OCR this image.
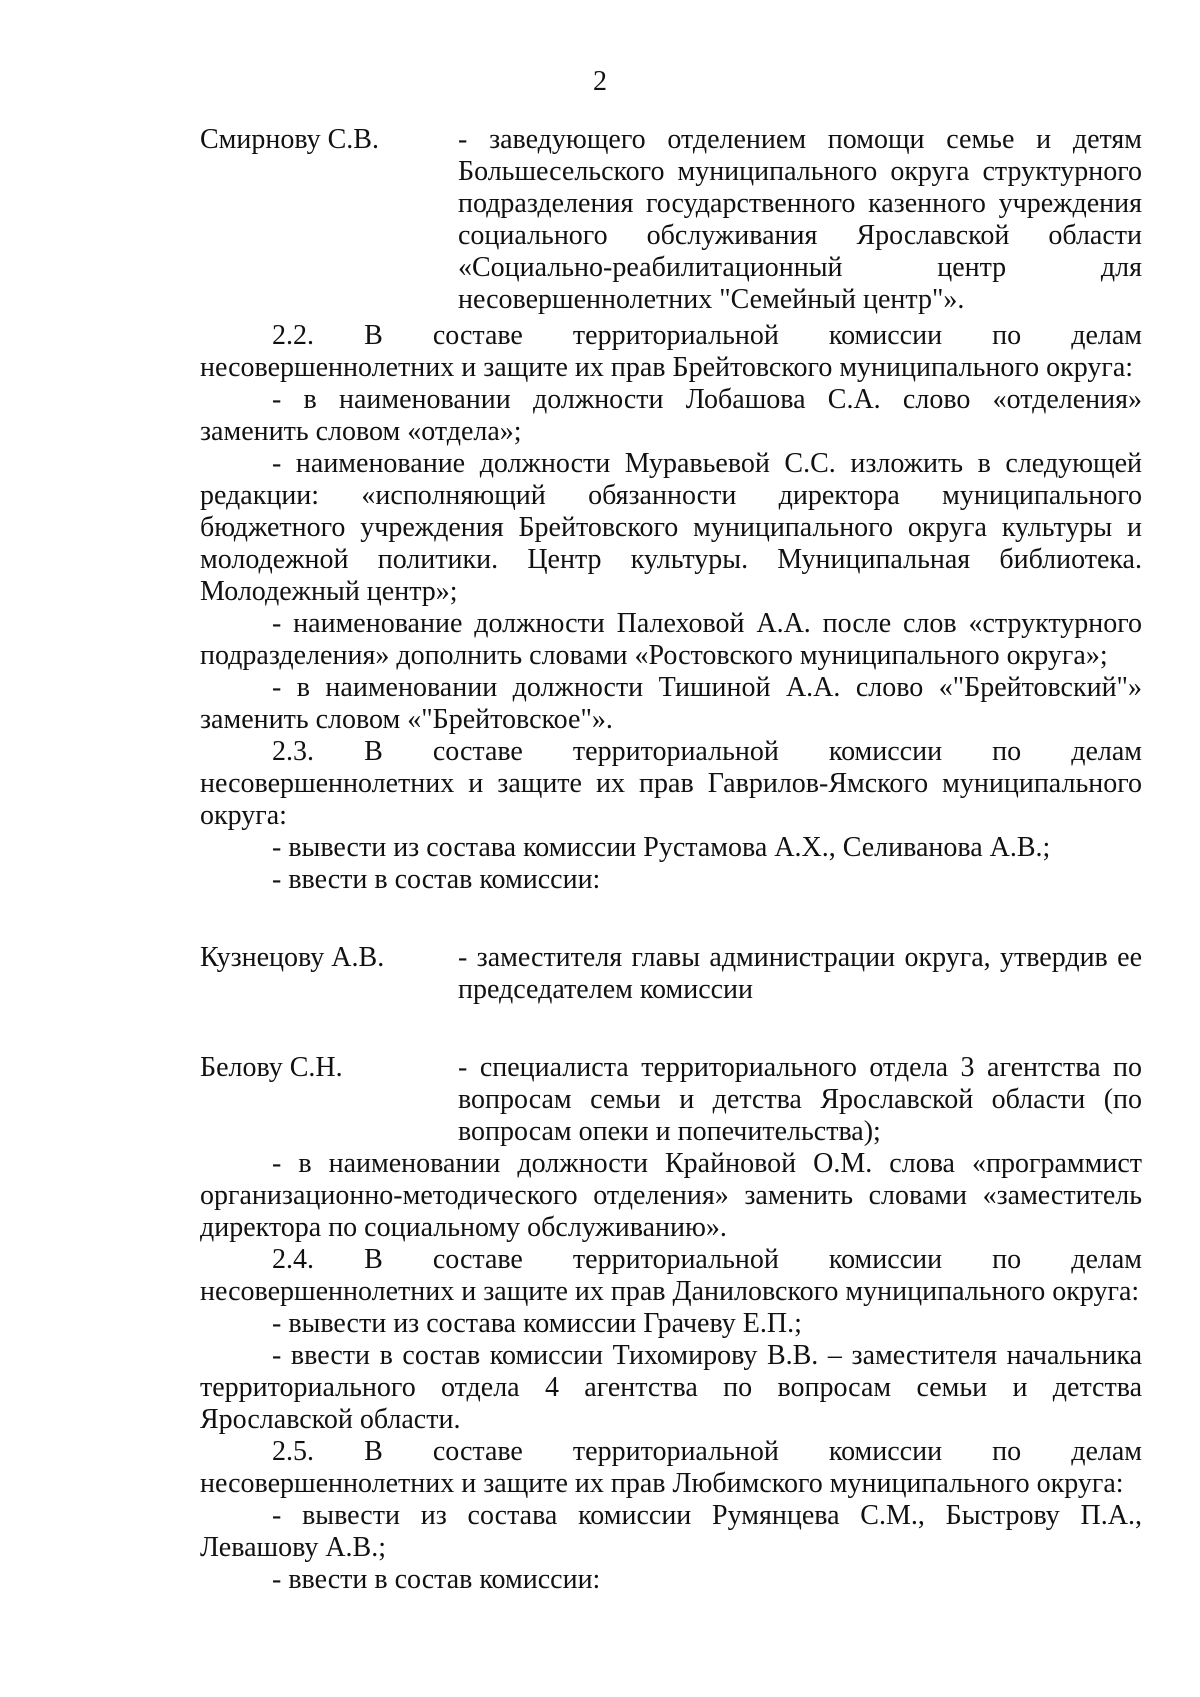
2
Смирнову С.В.	- заведующего отделением помощи семье и детям Большесельского муниципального округа структурного подразделения государственного казенного учреждения социального обслуживания Ярославской области «Социально-реабилитационный центр для несовершеннолетних "Семейный центр"».

2.2. В составе территориальной комиссии по делам несовершеннолетних и защите их прав Брейтовского муниципального округа:

- в наименовании должности Лобашова С.А. слово «отделения» заменить словом «отдела»;

- наименование должности Муравьевой С.С. изложить в следующей редакции: «исполняющий обязанности директора муниципального бюджетного учреждения Брейтовского муниципального округа культуры и молодежной политики. Центр культуры. Муниципальная библиотека. Молодежный центр»;

- наименование должности Палеховой А.А. после слов «структурного подразделения» дополнить словами «Ростовского муниципального округа»;

- в наименовании должности Тишиной А.А. слово «"Брейтовский"» заменить словом «"Брейтовское"».

2.3. В составе территориальной комиссии по делам несовершеннолетних и защите их прав Гаврилов-Ямского муниципального округа:

- вывести из состава комиссии Рустамова А.Х., Селиванова А.В.;

- ввести в состав комиссии:

Кузнецову А.В.	- заместителя главы администрации округа, утвердив ее председателем комиссии
Белову С.Н.	- специалиста территориального отдела 3 агентства по вопросам семьи и детства Ярославской области (по вопросам опеки и попечительства);

- в наименовании должности Крайновой О.М. слова «программист организационно-методического отделения» заменить словами «заместитель директора по социальному обслуживанию».

2.4. В составе территориальной комиссии по делам несовершеннолетних и защите их прав Даниловского муниципального округа:

- вывести из состава комиссии Грачеву Е.П.;

- ввести в состав комиссии Тихомирову В.В. – заместителя начальника территориального отдела 4 агентства по вопросам семьи и детства Ярославской области.

2.5. В составе территориальной комиссии по делам несовершеннолетних и защите их прав Любимского муниципального округа:

- вывести из состава комиссии Румянцева С.М., Быстрову П.А., Левашову А.В.;

- ввести в состав комиссии:
